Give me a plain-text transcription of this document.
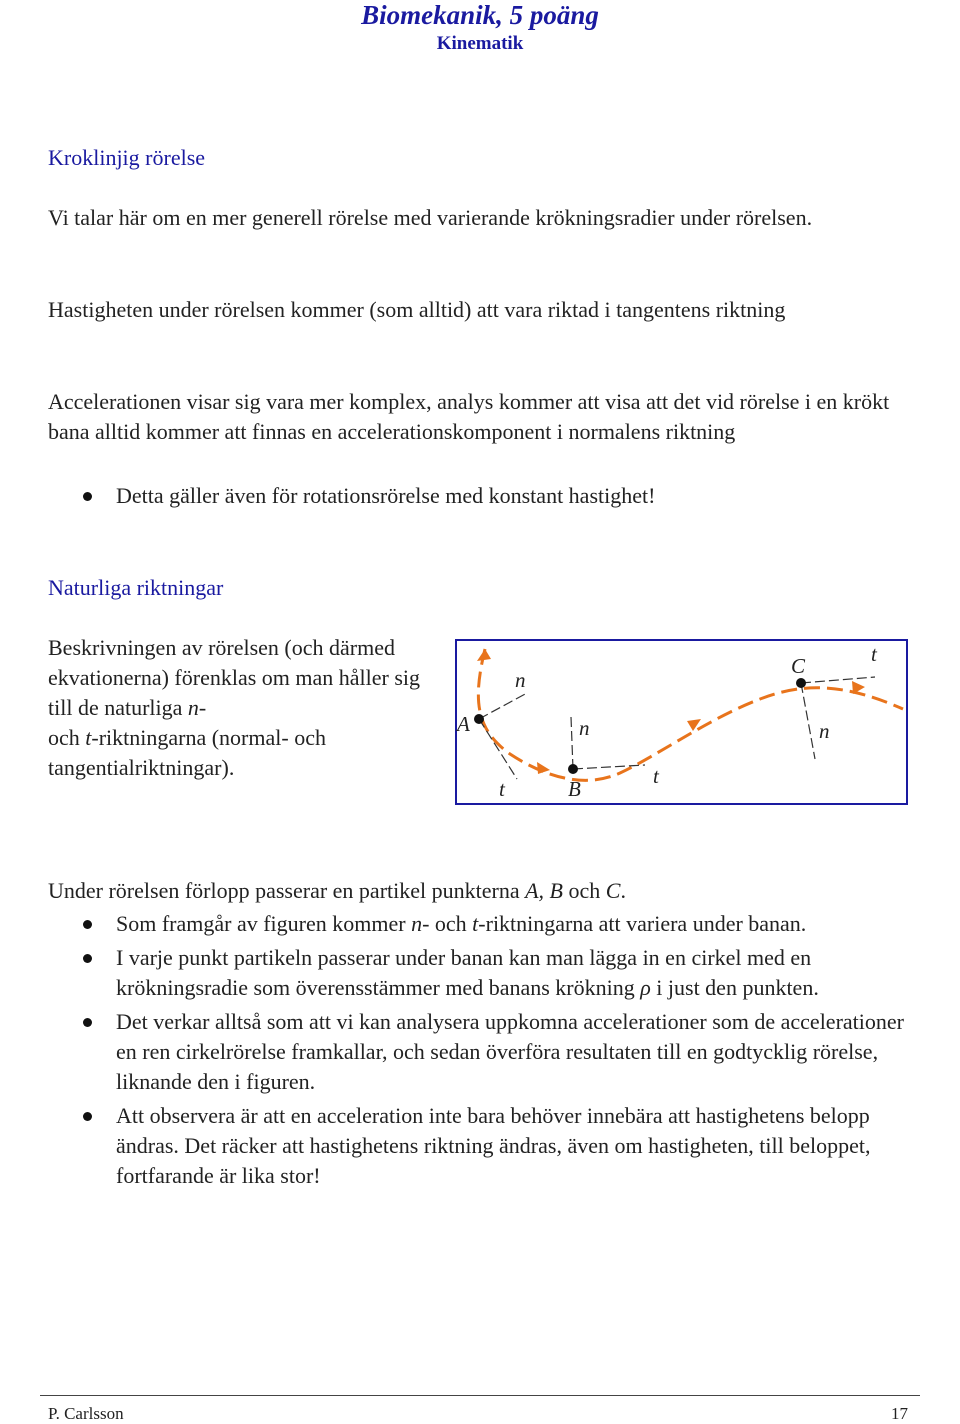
Biomekanik, 5 poäng
Kinematik
Kroklinjig rörelse
Vi talar här om en mer generell rörelse med varierande krökningsradier under rörelsen.
Hastigheten under rörelsen kommer (som alltid) att vara riktad i tangentens riktning
Accelerationen visar sig vara mer komplex, analys kommer att visa att det vid rörelse i en krökt bana alltid kommer att finnas en accelerationskomponent i normalens riktning
Detta gäller även för rotationsrörelse med konstant hastighet!
Naturliga riktningar
Beskrivningen av rörelsen (och därmed ekvationerna) förenklas om man håller sig till de naturliga n-
och t-riktningarna (normal- och tangentialriktningar).
A
B
C
n
n	n
t
t
t
Under rörelsen förlopp passerar en partikel punkterna A, B och C.
Som framgår av figuren kommer n- och t-riktningarna att variera under banan.
I varje punkt partikeln passerar under banan kan man lägga in en cirkel med en krökningsradie som överensstämmer med banans krökning ρ i just den punkten.
Det verkar alltså som att vi kan analysera uppkomna accelerationer som de accelerationer en ren cirkelrörelse framkallar, och sedan överföra resultaten till en godtycklig rörelse, liknande den i figuren.
Att observera är att en acceleration inte bara behöver innebära att hastighetens belopp ändras. Det räcker att hastighetens riktning ändras, även om hastigheten, till beloppet, fortfarande är lika stor!
P. Carlsson	17
